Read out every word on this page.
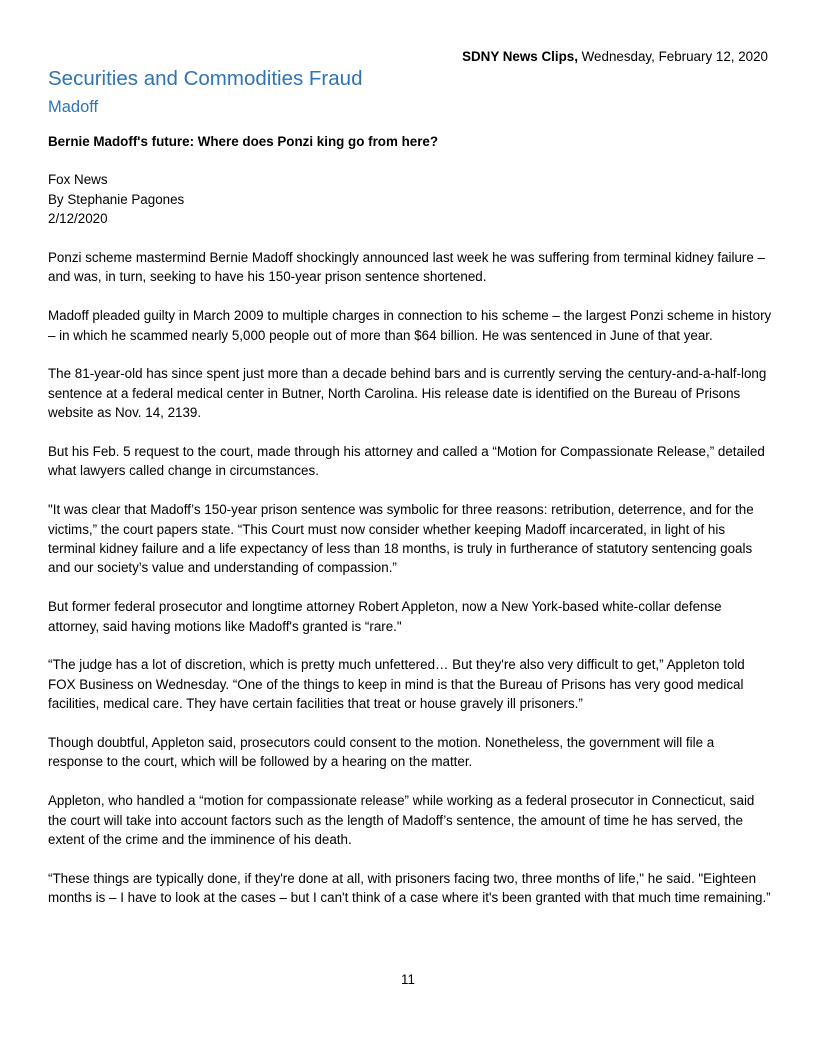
SDNY News Clips, Wednesday, February 12, 2020
Securities and Commodities Fraud
Madoff

Bernie Madoff's future: Where does Ponzi king go from here?

Fox News
By Stephanie Pagones
2/12/2020

Ponzi scheme mastermind Bernie Madoff shockingly announced last week he was suffering from terminal kidney failure – and was, in turn, seeking to have his 150-year prison sentence shortened.

Madoff pleaded guilty in March 2009 to multiple charges in connection to his scheme – the largest Ponzi scheme in history – in which he scammed nearly 5,000 people out of more than $64 billion. He was sentenced in June of that year.

The 81-year-old has since spent just more than a decade behind bars and is currently serving the century-and-a-half-long sentence at a federal medical center in Butner, North Carolina. His release date is identified on the Bureau of Prisons website as Nov. 14, 2139.

But his Feb. 5 request to the court, made through his attorney and called a “Motion for Compassionate Release,” detailed what lawyers called change in circumstances.

"It was clear that Madoff’s 150-year prison sentence was symbolic for three reasons: retribution, deterrence, and for the victims,” the court papers state. “This Court must now consider whether keeping Madoff incarcerated, in light of his terminal kidney failure and a life expectancy of less than 18 months, is truly in furtherance of statutory sentencing goals and our society’s value and understanding of compassion.”

But former federal prosecutor and longtime attorney Robert Appleton, now a New York-based white-collar defense attorney, said having motions like Madoff's granted is “rare."

“The judge has a lot of discretion, which is pretty much unfettered… But they're also very difficult to get,” Appleton told FOX Business on Wednesday. “One of the things to keep in mind is that the Bureau of Prisons has very good medical facilities, medical care. They have certain facilities that treat or house gravely ill prisoners.”

Though doubtful, Appleton said, prosecutors could consent to the motion. Nonetheless, the government will file a response to the court, which will be followed by a hearing on the matter.

Appleton, who handled a “motion for compassionate release” while working as a federal prosecutor in Connecticut, said the court will take into account factors such as the length of Madoff’s sentence, the amount of time he has served, the extent of the crime and the imminence of his death.

“These things are typically done, if they're done at all, with prisoners facing two, three months of life," he said. "Eighteen months is – I have to look at the cases – but I can't think of a case where it's been granted with that much time remaining.”

11
